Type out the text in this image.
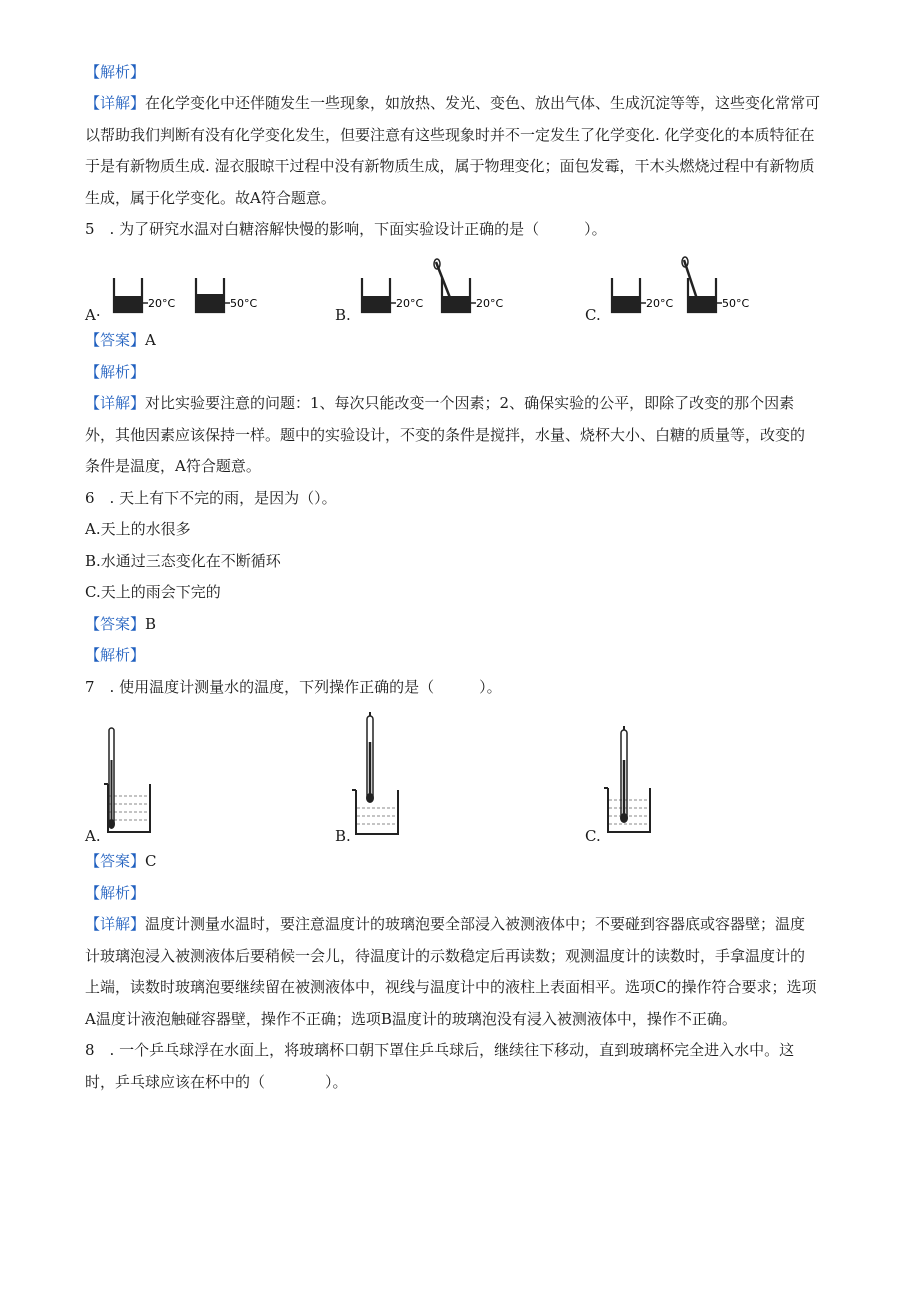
【解析】
【详解】在化学变化中还伴随发生一些现象，如放热、发光、变色、放出气体、生成沉淀等等，这些变化常常可
以帮助我们判断有没有化学变化发生，但要注意有这些现象时并不一定发生了化学变化. 化学变化的本质特征在
于是有新物质生成. 湿衣服晾干过程中没有新物质生成，属于物理变化；面包发霉，干木头燃烧过程中有新物质
生成，属于化学变化。故A符合题意。
5　. 为了研究水温对白糖溶解快慢的影响，下面实验设计正确的是（　　　）。
A·
20°C	50°C
B.
20°C	20°C
C.
20°C	50°C
【答案】A
【解析】
【详解】对比实验要注意的问题：1、每次只能改变一个因素；2、确保实验的公平，即除了改变的那个因素
外，其他因素应该保持一样。题中的实验设计，不变的条件是搅拌，水量、烧杯大小、白糖的质量等，改变的
条件是温度，A符合题意。
6　. 天上有下不完的雨，是因为（）。
A.天上的水很多
B.水通过三态变化在不断循环
C.天上的雨会下完的
【答案】B
【解析】
7　. 使用温度计测量水的温度，下列操作正确的是（　　　）。
A.	B.	C.
【答案】C
【解析】
【详解】温度计测量水温时，要注意温度计的玻璃泡要全部浸入被测液体中；不要碰到容器底或容器壁；温度
计玻璃泡浸入被测液体后要稍候一会儿，待温度计的示数稳定后再读数；观测温度计的读数时，手拿温度计的
上端，读数时玻璃泡要继续留在被测液体中，视线与温度计中的液柱上表面相平。选项C的操作符合要求；选项
A温度计液泡触碰容器壁，操作不正确；选项B温度计的玻璃泡没有浸入被测液体中，操作不正确。
8　. 一个乒乓球浮在水面上，将玻璃杯口朝下罩住乒乓球后，继续往下移动，直到玻璃杯完全进入水中。这
时，乒乓球应该在杯中的（　　　　）。
